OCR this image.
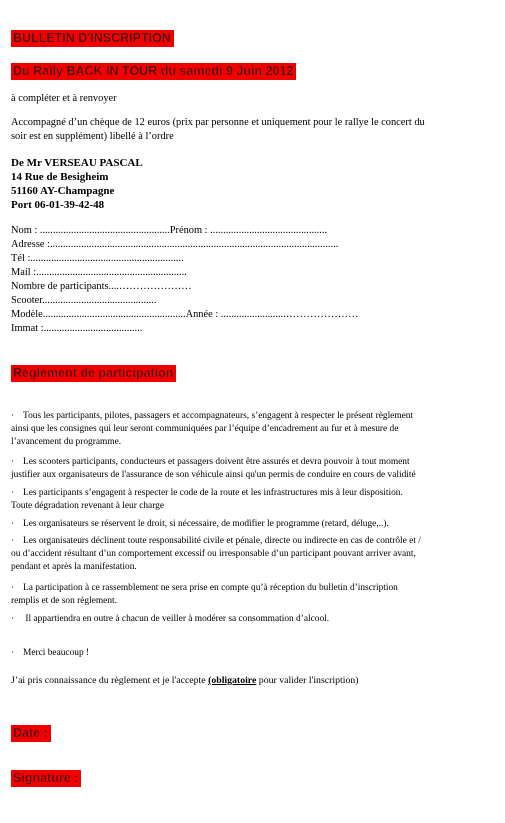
BULLETIN D'INSCRIPTION
Du Rally BACK IN TOUR du samedi 9 Juin 2012
à compléter et à renvoyer
Accompagné d’un chèque de 12 euros (prix par personne et uniquement pour le rallye le concert du
soir est en supplément) libellé à l’ordre
De Mr VERSEAU PASCAL
14 Rue de Besigheim
51160 AY-Champagne
Port 06-01-39-42-48
Nom : ..................................................Prénom : .............................................
Adresse :...............................................................................................................
Tél :...........................................................
Mail :..........................................................
Nombre de participants....…………………
Scooter............................................
Modèle.......................................................Année : .........................…………………
Immat :......................................
Règlement de participation
· Tous les participants, pilotes, passagers et accompagnateurs, s’engagent à respecter le présent règlement
ainsi que les consignes qui leur seront communiquées par l’équipe d’encadrement au fur et à mesure de
l’avancement du programme.
· Les scooters participants, conducteurs et passagers doivent être assurés et devra pouvoir à tout moment
justifier aux organisateurs de l'assurance de son véhicule ainsi qu'un permis de conduire en cours de validité
· Les participants s’engagent à respecter le code de la route et les infrastructures mis à leur disposition.
Toute dégradation revenant à leur charge
· Les organisateurs se réservent le droit, si nécessaire, de modifier le programme (retard, déluge,..).
· Les organisateurs déclinent toute responsabilité civile et pénale, directe ou indirecte en cas de contrôle et /
ou d’accident résultant d’un comportement excessif ou irresponsable d’un participant pouvant arriver avant,
pendant et après la manifestation.
· La participation à ce rassemblement ne sera prise en compte qu’à réception du bulletin d’inscription
remplis et de son règlement.
· Il appartiendra en outre à chacun de veiller à modérer sa consommation d’alcool.
· Merci beaucoup !
J’ai pris connaissance du règlement et je l'accepte (obligatoire pour valider l'inscription)
Date :
Signature :
